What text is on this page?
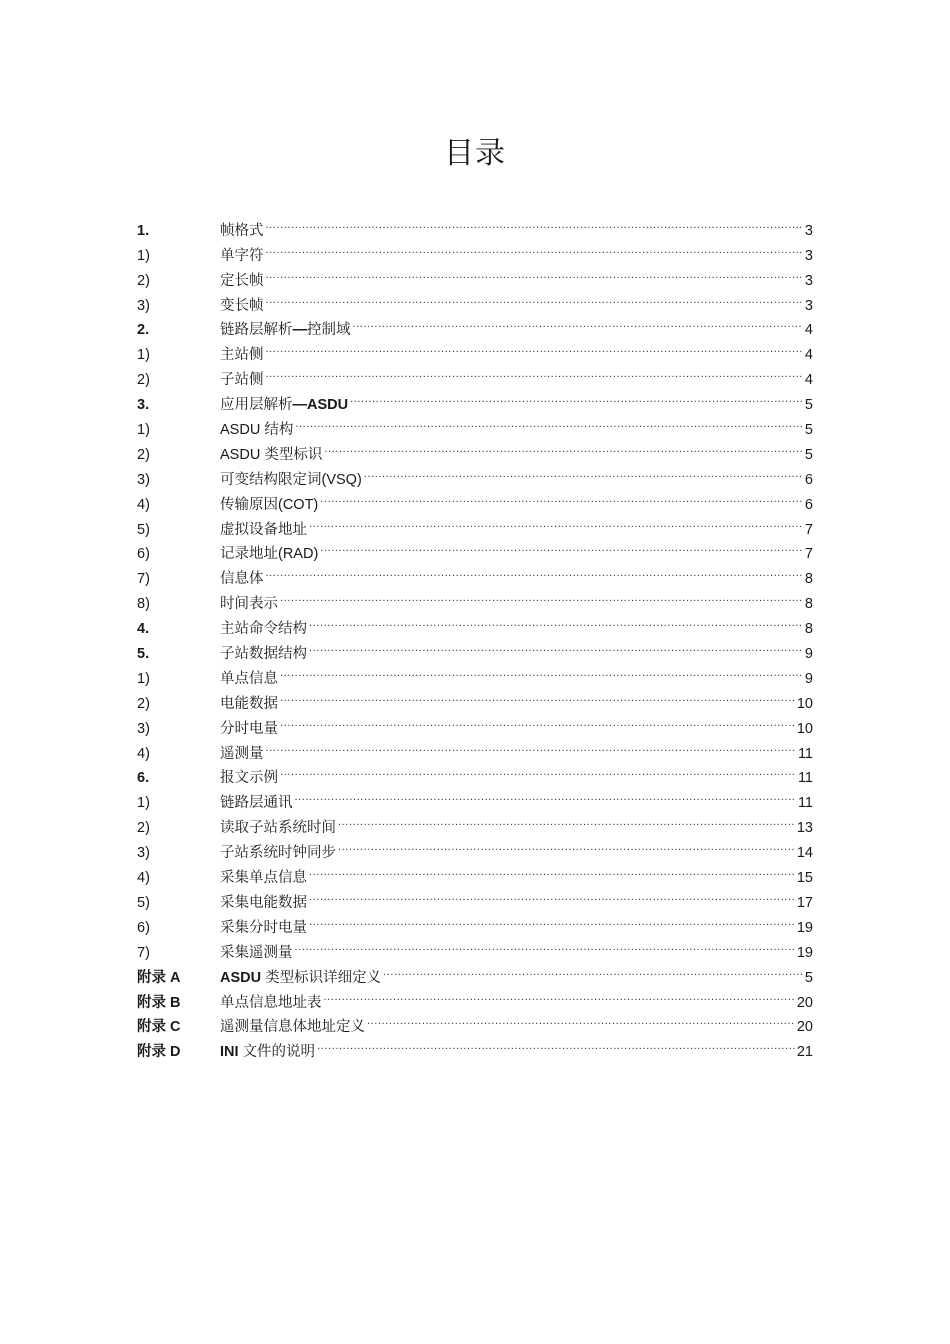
目录
1.	帧格式 .....	3
1)	单字符 .....	3
2)	定长帧 .....	3
3)	变长帧 .....	3
2.	链路层解析—控制域 .....	4
1)	主站侧 .....	4
2)	子站侧 .....	4
3.	应用层解析—ASDU .....	5
1)	ASDU 结构 .....	5
2)	ASDU 类型标识 .....	5
3)	可变结构限定词(VSQ) .....	6
4)	传输原因(COT) .....	6
5)	虚拟设备地址 .....	7
6)	记录地址(RAD) .....	7
7)	信息体 .....	8
8)	时间表示 .....	8
4.	主站命令结构 .....	8
5.	子站数据结构 .....	9
1)	单点信息 .....	9
2)	电能数据 .....	10
3)	分时电量 .....	10
4)	遥测量 .....	11
6.	报文示例 .....	11
1)	链路层通讯 .....	11
2)	读取子站系统时间 .....	13
3)	子站系统时钟同步 .....	14
4)	采集单点信息 .....	15
5)	采集电能数据 .....	17
6)	采集分时电量 .....	19
7)	采集遥测量 .....	19
附录 A	ASDU 类型标识详细定义 .....	5
附录 B	单点信息地址表 .....	20
附录 C	遥测量信息体地址定义 .....	20
附录 D	INI 文件的说明 .....	21
